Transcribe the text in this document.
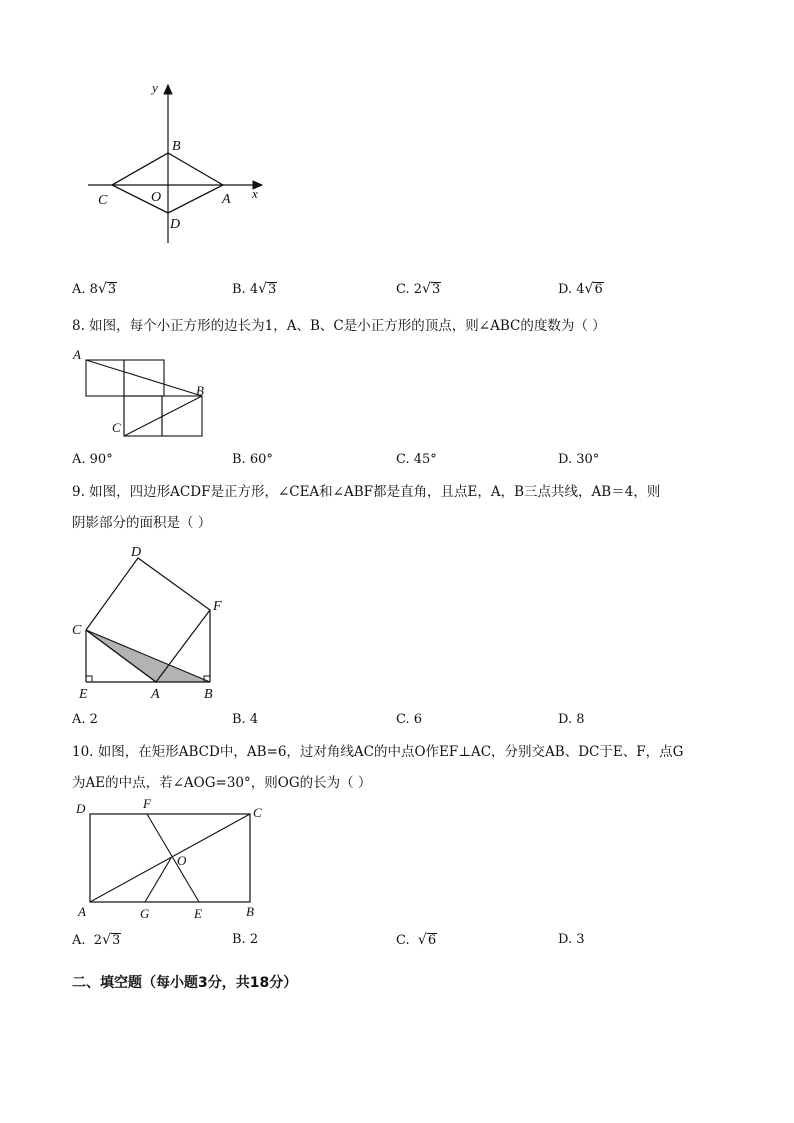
y
x
B
C	O	A
D
A. 8√3	B. 4√3	C. 2√3	D. 4√6
8. 如图，每个小正方形的边长为1，A、B、C是小正方形的顶点，则∠ABC的度数为（ ）
A
B
C
A. 90°	B. 60°	C. 45°	D. 30°
9. 如图，四边形ACDF是正方形，∠CEA和∠ABF都是直角，且点E，A，B三点共线，AB＝4，则
阴影部分的面积是（ ）
D
F
C
E	A	B
A. 2	B. 4	C. 6	D. 8
10. 如图，在矩形ABCD中，AB=6，过对角线AC的中点O作EF⊥AC，分别交AB、DC于E、F，点G
为AE的中点，若∠AOG=30°，则OG的长为（ ）
D	F
C
O
A	G	E	B
A.  2√3	B. 2	C.  √6	D. 3
二、填空题（每小题3分，共18分）
